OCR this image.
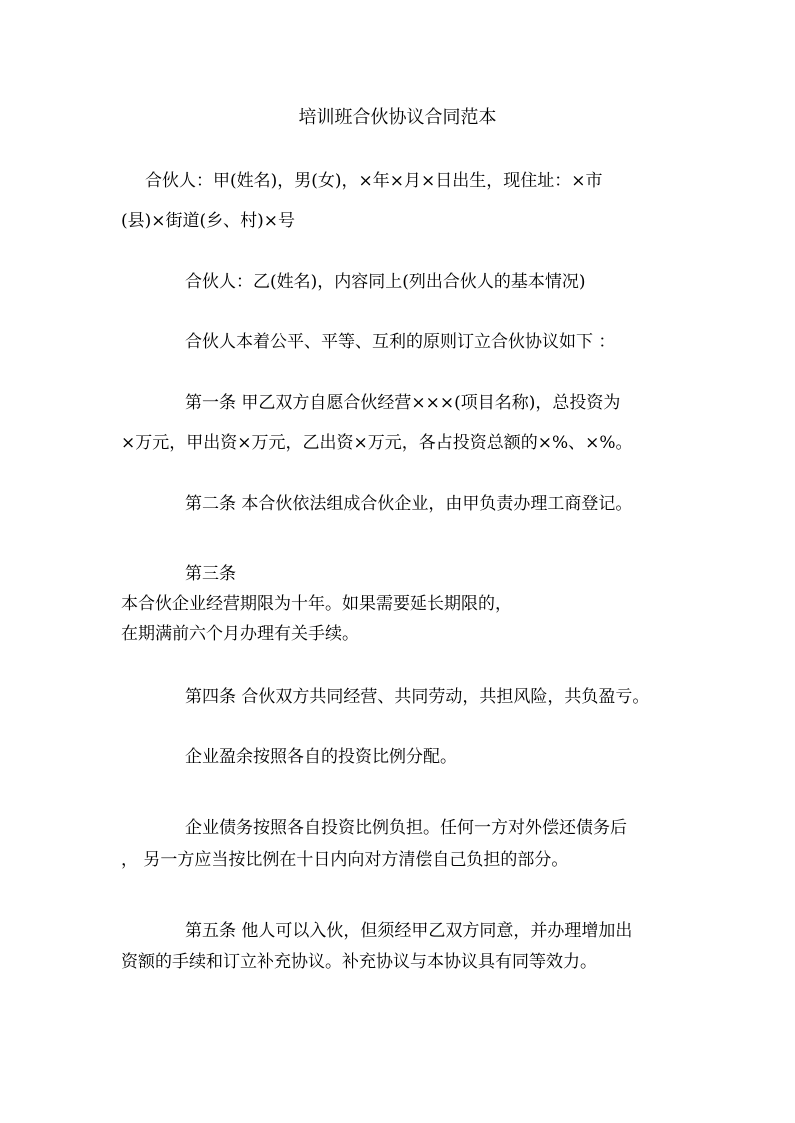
培训班合伙协议合同范本
合伙人：甲(姓名)，男(女)，×年×月×日出生，现住址：×市
(县)×街道(乡、村)×号
合伙人：乙(姓名)，内容同上(列出合伙人的基本情况)
合伙人本着公平、平等、互利的原则订立合伙协议如下 ：
第一条 甲乙双方自愿合伙经营×××(项目名称)，总投资为
×万元，甲出资×万元，乙出资×万元，各占投资总额的×%、×%。
第二条 本合伙依法组成合伙企业，由甲负责办理工商登记。
第三条
本合伙企业经营期限为十年。如果需要延长期限的，
在期满前六个月办理有关手续。
第四条 合伙双方共同经营、共同劳动，共担风险，共负盈亏。
企业盈余按照各自的投资比例分配。
企业债务按照各自投资比例负担。任何一方对外偿还债务后
， 另一方应当按比例在十日内向对方清偿自己负担的部分。
第五条 他人可以入伙，但须经甲乙双方同意，并办理增加出
资额的手续和订立补充协议。补充协议与本协议具有同等效力。
